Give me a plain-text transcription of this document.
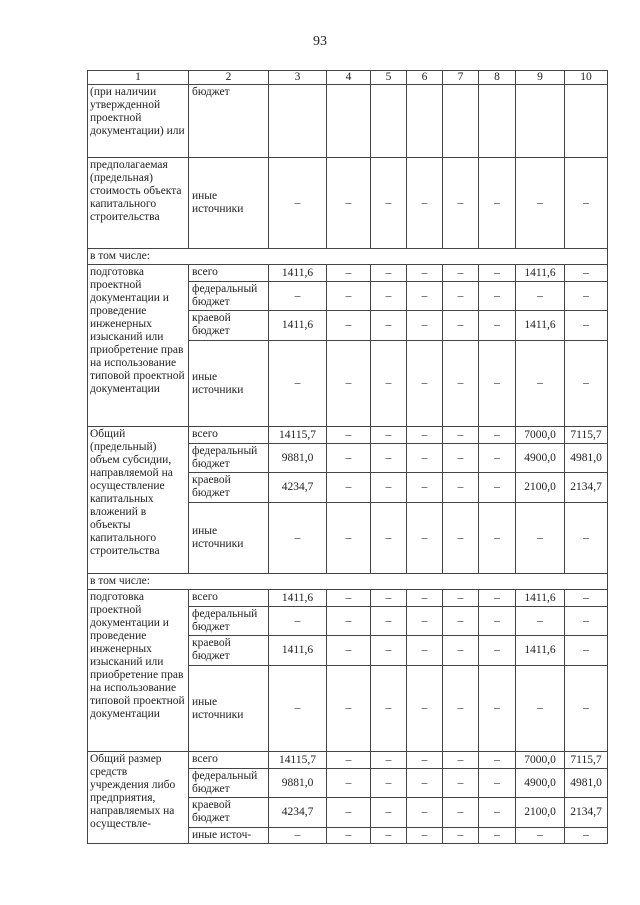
93
1	2	3	4	5	6	7	8	9	10
(при наличии утвержденной проектной документации) или	бюджет								
предполагаемая (предельная) стоимость объекта капитального строительства	иные источники	–	–	–	–	–	–	–	–
в том числе:									
подготовка проектной документации и проведение инженерных изысканий или приобретение прав на использование типовой проектной документации	всего	1411,6	–	–	–	–	–	1411,6	–
	федеральный бюджет	–	–	–	–	–	–	–	–
	краевой бюджет	1411,6	–	–	–	–	–	1411,6	–
	иные источники	–	–	–	–	–	–	–	–
Общий (предельный) объем субсидии, направляемой на осуществление капитальных вложений в объекты капитального строительства	всего	14115,7	–	–	–	–	–	7000,0	7115,7
	федеральный бюджет	9881,0	–	–	–	–	–	4900,0	4981,0
	краевой бюджет	4234,7	–	–	–	–	–	2100,0	2134,7
	иные источники	–	–	–	–	–	–	–	–
в том числе:									
подготовка проектной документации и проведение инженерных изысканий или приобретение прав на использование типовой проектной документации	всего	1411,6	–	–	–	–	–	1411,6	–
	федеральный бюджет	–	–	–	–	–	–	–	–
	краевой бюджет	1411,6	–	–	–	–	–	1411,6	–
	иные источники	–	–	–	–	–	–	–	–
Общий размер средств учреждения либо предприятия, направляемых на осуществле-	всего	14115,7	–	–	–	–	–	7000,0	7115,7
	федеральный бюджет	9881,0	–	–	–	–	–	4900,0	4981,0
	краевой бюджет	4234,7	–	–	–	–	–	2100,0	2134,7
	иные источ-	–	–	–	–	–	–	–	–
